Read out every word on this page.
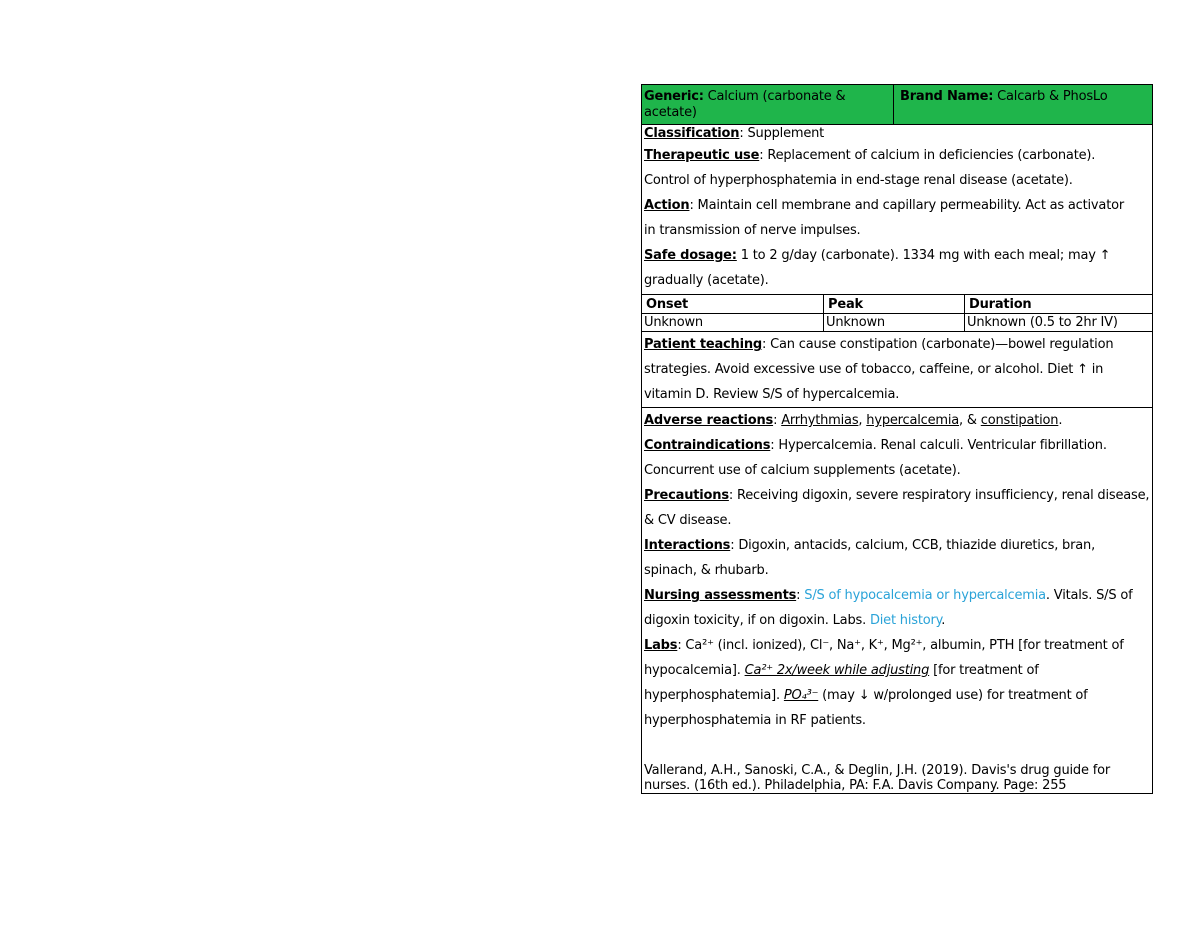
Generic: Calcium (carbonate & acetate)
Brand Name: Calcarb & PhosLo
Classification: Supplement
Therapeutic use: Replacement of calcium in deficiencies (carbonate).
Control of hyperphosphatemia in end-stage renal disease (acetate).
Action: Maintain cell membrane and capillary permeability. Act as activator
in transmission of nerve impulses.
Safe dosage: 1 to 2 g/day (carbonate). 1334 mg with each meal; may ↑
gradually (acetate).
Onset	Peak	Duration
Unknown	Unknown	Unknown (0.5 to 2hr IV)
Patient teaching: Can cause constipation (carbonate)—bowel regulation
strategies. Avoid excessive use of tobacco, caffeine, or alcohol. Diet ↑ in
vitamin D. Review S/S of hypercalcemia.
Adverse reactions: Arrhythmias, hypercalcemia, & constipation.
Contraindications: Hypercalcemia. Renal calculi. Ventricular fibrillation.
Concurrent use of calcium supplements (acetate).
Precautions: Receiving digoxin, severe respiratory insufficiency, renal disease,
& CV disease.
Interactions: Digoxin, antacids, calcium, CCB, thiazide diuretics, bran,
spinach, & rhubarb.
Nursing assessments: S/S of hypocalcemia or hypercalcemia. Vitals. S/S of
digoxin toxicity, if on digoxin. Labs. Diet history.
Labs: Ca²⁺ (incl. ionized), Cl⁻, Na⁺, K⁺, Mg²⁺, albumin, PTH [for treatment of
hypocalcemia]. Ca²⁺ 2x/week while adjusting [for treatment of
hyperphosphatemia]. PO₄³⁻ (may ↓ w/prolonged use) for treatment of
hyperphosphatemia in RF patients.
Vallerand, A.H., Sanoski, C.A., & Deglin, J.H. (2019). Davis's drug guide for
nurses. (16th ed.). Philadelphia, PA: F.A. Davis Company. Page: 255
